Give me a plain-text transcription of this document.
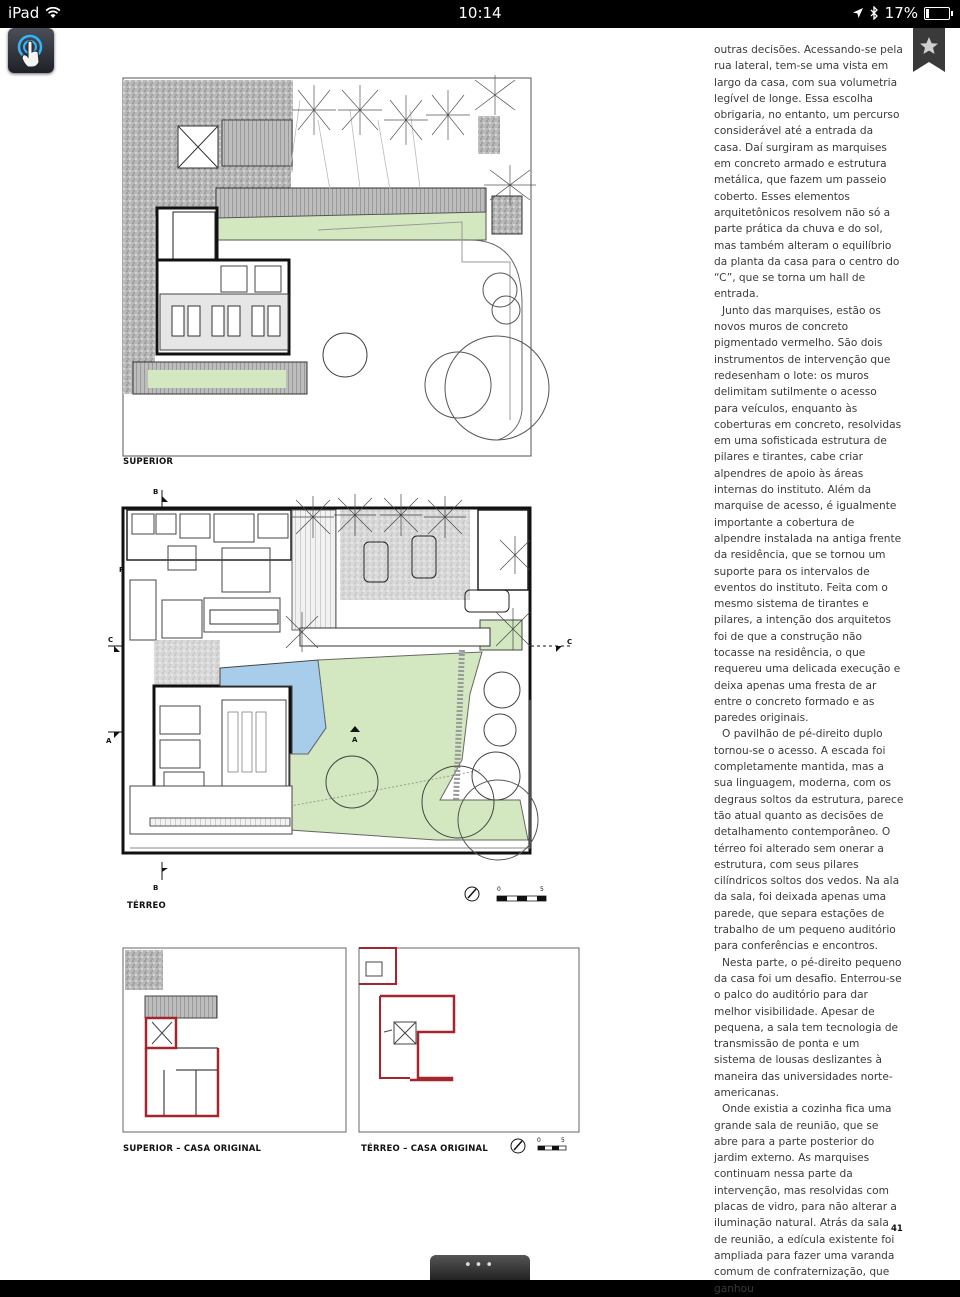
iPad	10:14	17%
SUPERIOR
TÉRREO
SUPERIOR – CASA ORIGINAL	TÉRREO – CASA ORIGINAL
B
B
C	C
A	A
P
0	5
0	5

outras decisões. Acessando-se pela rua lateral, tem-se uma vista em largo da casa, com sua volumetria legível de longe. Essa escolha obrigaria, no entanto, um percurso considerável até a entrada da casa. Daí surgiram as marquises em concreto armado e estrutura metálica, que fazem um passeio coberto. Esses elementos arquitetônicos resolvem não só a parte prática da chuva e do sol, mas também alteram o equilíbrio da planta da casa para o centro do “C”, que se torna um hall de entrada.

Junto das marquises, estão os novos muros de concreto pigmentado vermelho. São dois instrumentos de intervenção que redesenham o lote: os muros delimitam sutilmente o acesso para veículos, enquanto às coberturas em concreto, resolvidas em uma sofisticada estrutura de pilares e tirantes, cabe criar alpendres de apoio às áreas internas do instituto. Além da marquise de acesso, é igualmente importante a cobertura de alpendre instalada na antiga frente da residência, que se tornou um suporte para os intervalos de eventos do instituto. Feita com o mesmo sistema de tirantes e pilares, a intenção dos arquitetos foi de que a construção não tocasse na residência, o que requereu uma delicada execução e deixa apenas uma fresta de ar entre o concreto formado e as paredes originais.

O pavilhão de pé-direito duplo tornou-se o acesso. A escada foi completamente mantida, mas a sua linguagem, moderna, com os degraus soltos da estrutura, parece tão atual quanto as decisões de detalhamento contemporâneo. O térreo foi alterado sem onerar a estrutura, com seus pilares cilíndricos soltos dos vedos. Na ala da sala, foi deixada apenas uma parede, que separa estações de trabalho de um pequeno auditório para conferências e encontros.

Nesta parte, o pé-direito pequeno da casa foi um desafio. Enterrou-se o palco do auditório para dar melhor visibilidade. Apesar de pequena, a sala tem tecnologia de transmissão de ponta e um sistema de lousas deslizantes à maneira das universidades norte-americanas.

Onde existia a cozinha fica uma grande sala de reunião, que se abre para a parte posterior do jardim externo. As marquises continuam nessa parte da intervenção, mas resolvidas com placas de vidro, para não alterar a iluminação natural. Atrás da sala de reunião, a edícula existente foi ampliada para fazer uma varanda comum de confraternização, que ganhou

41
•••
